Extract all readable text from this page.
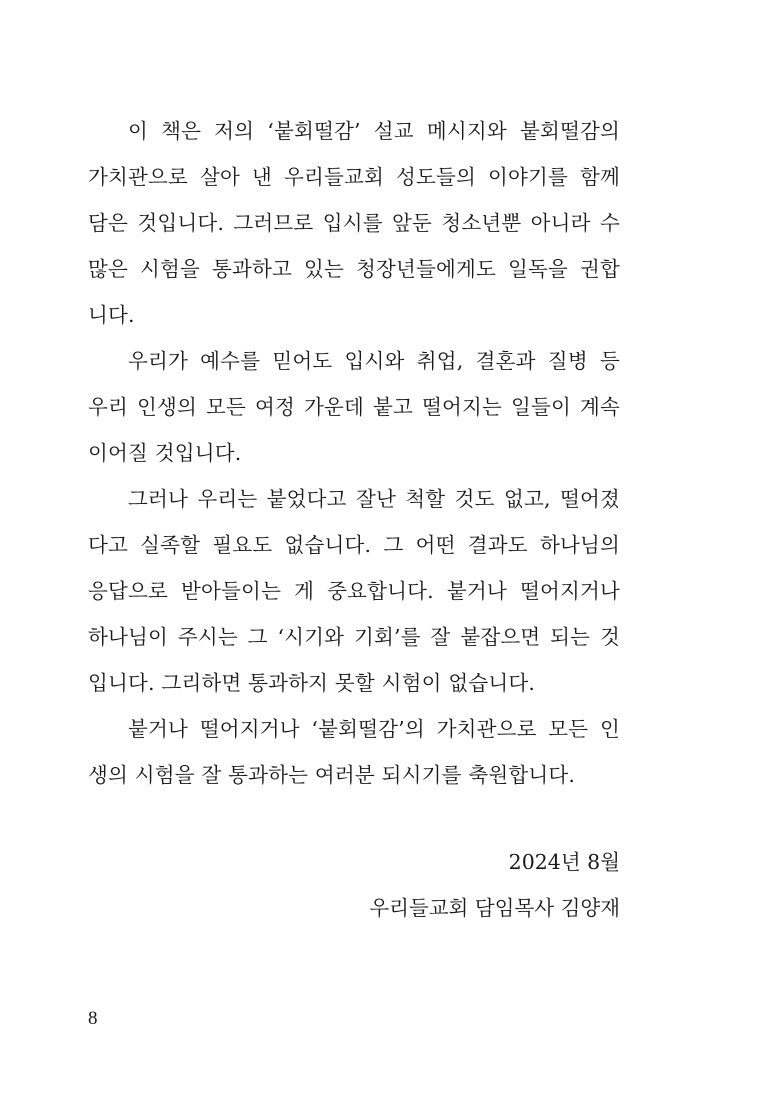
이 책은 저의 ‘붙회떨감’ 설교 메시지와 붙회떨감의
가치관으로 살아 낸 우리들교회 성도들의 이야기를 함께
담은 것입니다. 그러므로 입시를 앞둔 청소년뿐 아니라 수
많은 시험을 통과하고 있는 청장년들에게도 일독을 권합
니다.
우리가 예수를 믿어도 입시와 취업, 결혼과 질병 등
우리 인생의 모든 여정 가운데 붙고 떨어지는 일들이 계속
이어질 것입니다.
그러나 우리는 붙었다고 잘난 척할 것도 없고, 떨어졌
다고 실족할 필요도 없습니다. 그 어떤 결과도 하나님의
응답으로 받아들이는 게 중요합니다. 붙거나 떨어지거나
하나님이 주시는 그 ‘시기와 기회’를 잘 붙잡으면 되는 것
입니다. 그리하면 통과하지 못할 시험이 없습니다.
붙거나 떨어지거나 ‘붙회떨감’의 가치관으로 모든 인
생의 시험을 잘 통과하는 여러분 되시기를 축원합니다.
2024년 8월
우리들교회 담임목사 김양재
8
